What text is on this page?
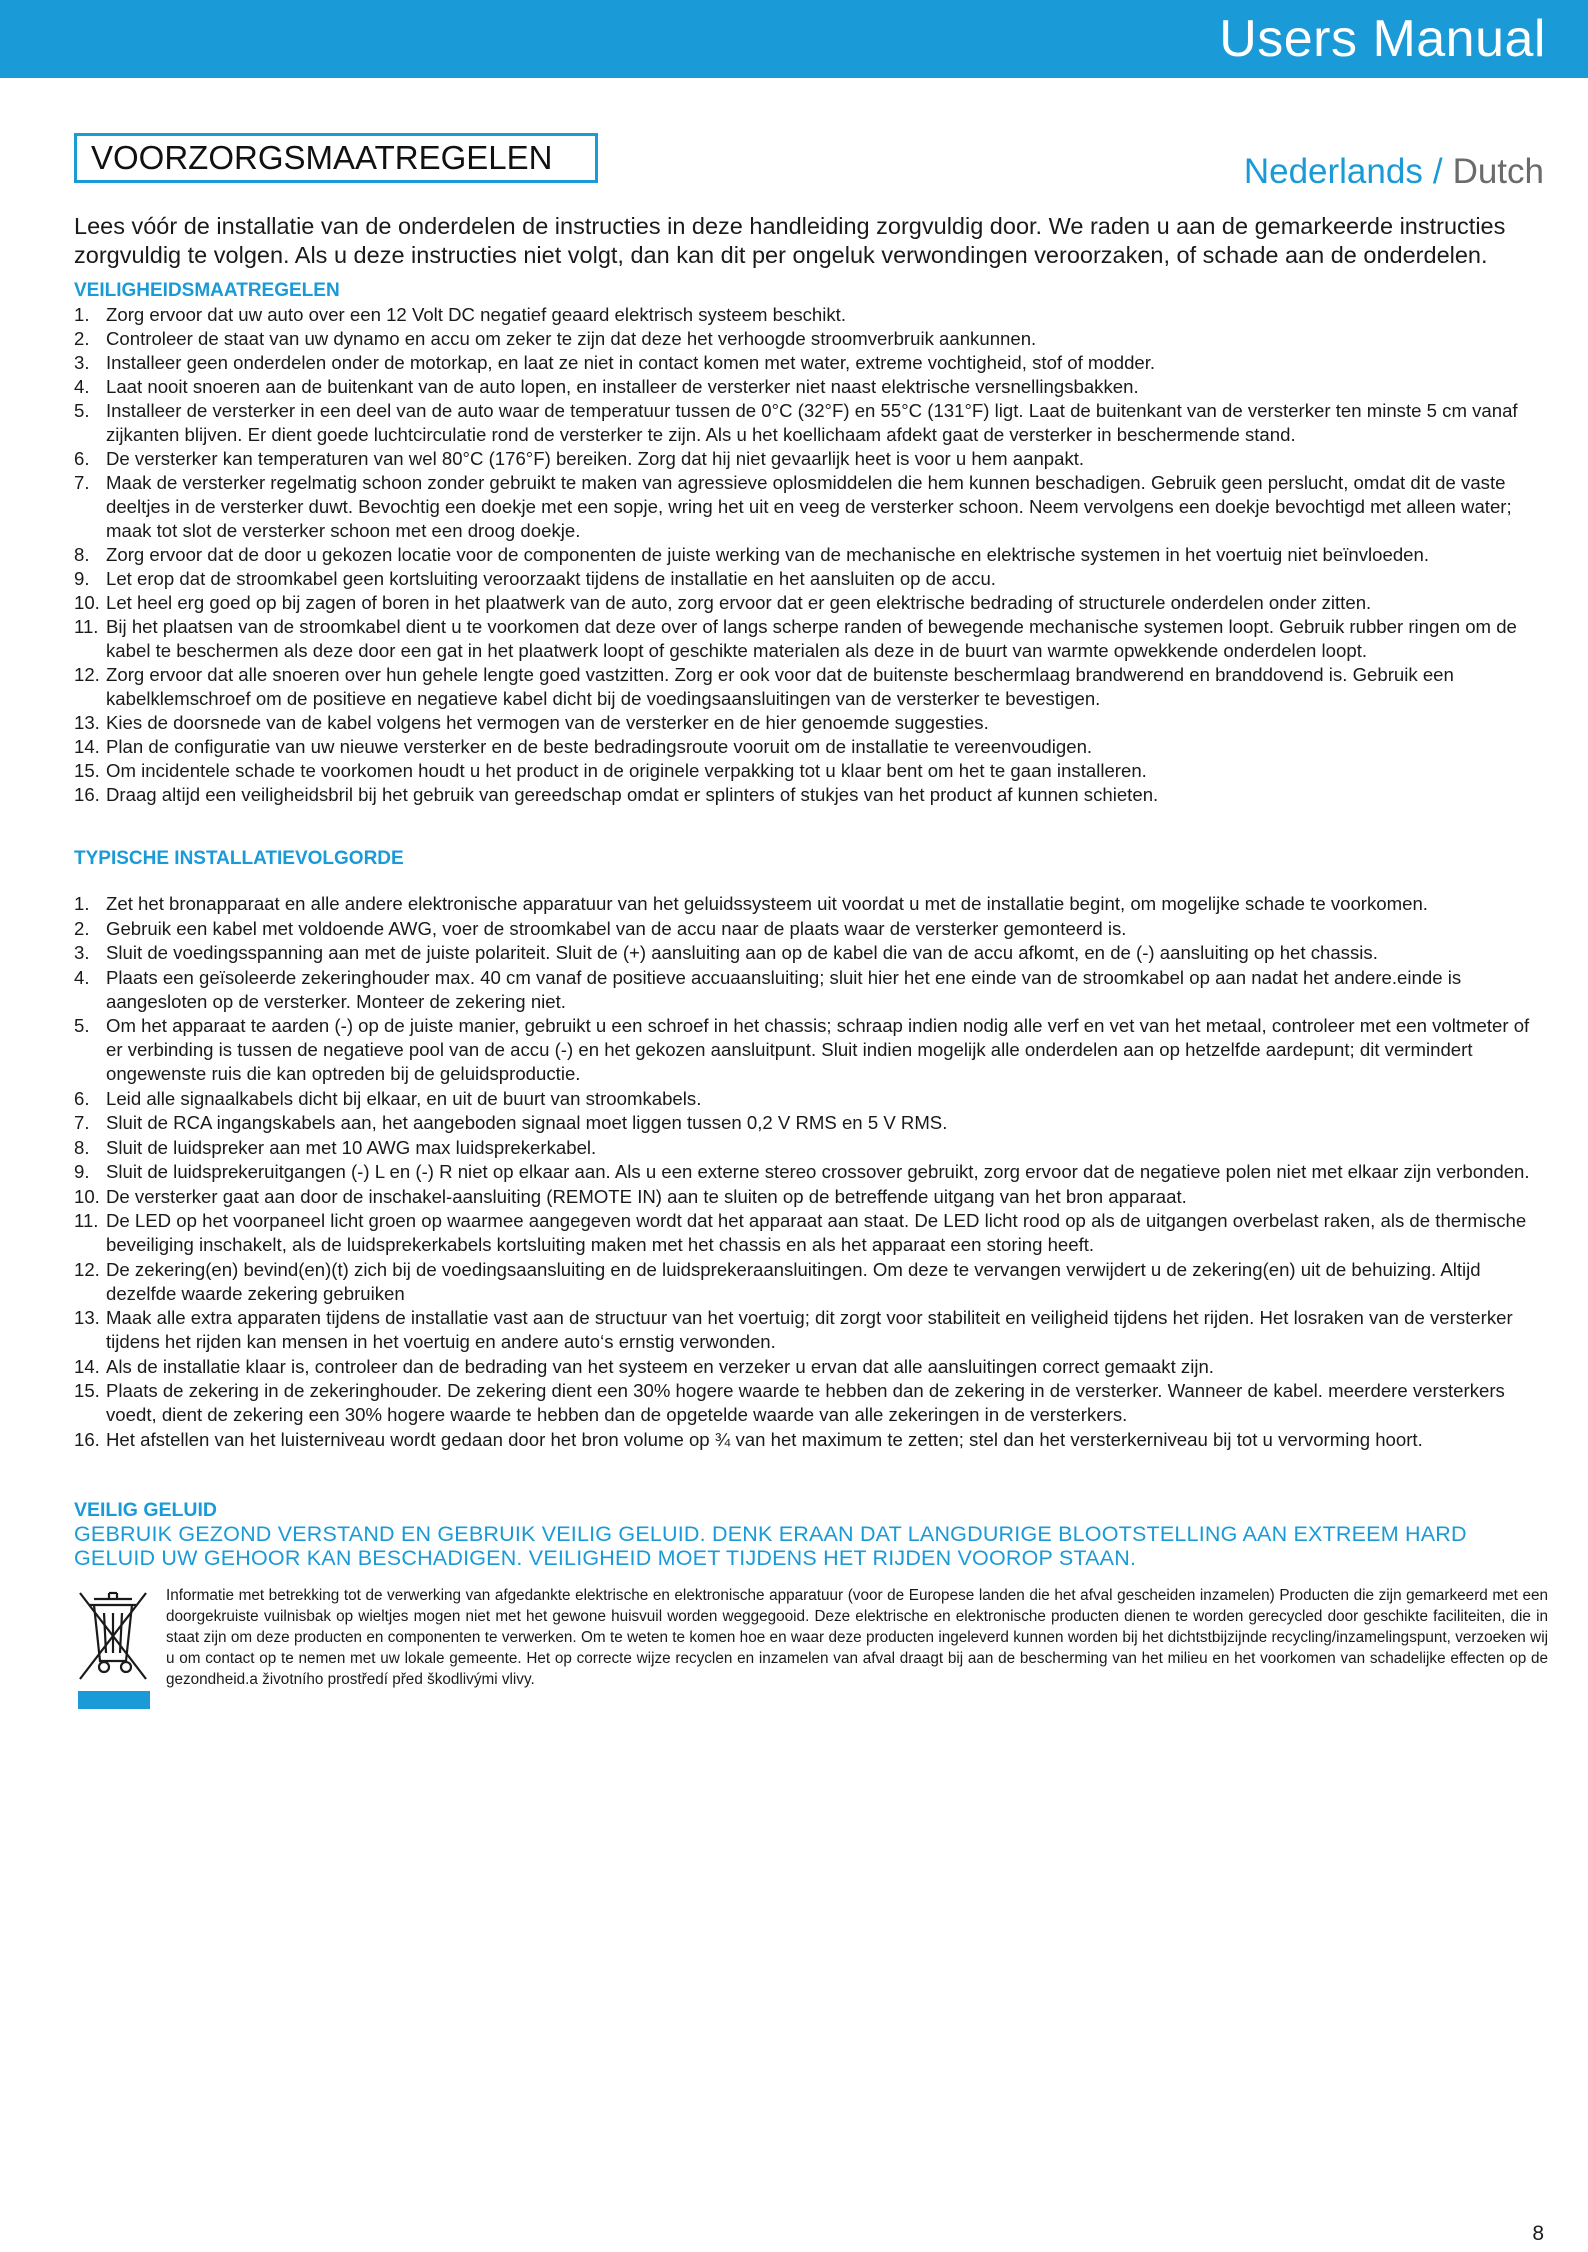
Users Manual
VOORZORGSMAATREGELEN	Nederlands / Dutch

Lees vóór de installatie van de onderdelen de instructies in deze handleiding zorgvuldig door. We raden u aan de gemarkeerde instructies zorgvuldig te volgen. Als u deze instructies niet volgt, dan kan dit per ongeluk verwondingen veroorzaken, of schade aan de onderdelen.

VEILIGHEIDSMAATREGELEN
1. Zorg ervoor dat uw auto over een 12 Volt DC negatief geaard elektrisch systeem beschikt.
2. Controleer de staat van uw dynamo en accu om zeker te zijn dat deze het verhoogde stroomverbruik aankunnen.
3. Installeer geen onderdelen onder de motorkap, en laat ze niet in contact komen met water, extreme vochtigheid, stof of modder.
4. Laat nooit snoeren aan de buitenkant van de auto lopen, en installeer de versterker niet naast elektrische versnellingsbakken.
5. Installeer de versterker in een deel van de auto waar de temperatuur tussen de 0°C (32°F) en 55°C (131°F) ligt. Laat de buitenkant van de versterker ten minste 5 cm vanaf zijkanten blijven. Er dient goede luchtcirculatie rond de versterker te zijn. Als u het koellichaam afdekt gaat de versterker in beschermende stand.
6. De versterker kan temperaturen van wel 80°C (176°F) bereiken. Zorg dat hij niet gevaarlijk heet is voor u hem aanpakt.
7. Maak de versterker regelmatig schoon zonder gebruikt te maken van agressieve oplosmiddelen die hem kunnen beschadigen. Gebruik geen perslucht, omdat dit de vaste deeltjes in de versterker duwt. Bevochtig een doekje met een sopje, wring het uit en veeg de versterker schoon. Neem vervolgens een doekje bevochtigd met alleen water; maak tot slot de versterker schoon met een droog doekje.
8. Zorg ervoor dat de door u gekozen locatie voor de componenten de juiste werking van de mechanische en elektrische systemen in het voertuig niet beïnvloeden.
9. Let erop dat de stroomkabel geen kortsluiting veroorzaakt tijdens de installatie en het aansluiten op de accu.
10. Let heel erg goed op bij zagen of boren in het plaatwerk van de auto, zorg ervoor dat er geen elektrische bedrading of structurele onderdelen onder zitten.
11. Bij het plaatsen van de stroomkabel dient u te voorkomen dat deze over of langs scherpe randen of bewegende mechanische systemen loopt. Gebruik rubber ringen om de kabel te beschermen als deze door een gat in het plaatwerk loopt of geschikte materialen als deze in de buurt van warmte opwekkende onderdelen loopt.
12. Zorg ervoor dat alle snoeren over hun gehele lengte goed vastzitten. Zorg er ook voor dat de buitenste beschermlaag brandwerend en branddovend is. Gebruik een kabelklemschroef om de positieve en negatieve kabel dicht bij de voedingsaansluitingen van de versterker te bevestigen.
13. Kies de doorsnede van de kabel volgens het vermogen van de versterker en de hier genoemde suggesties.
14. Plan de configuratie van uw nieuwe versterker en de beste bedradingsroute vooruit om de installatie te vereenvoudigen.
15. Om incidentele schade te voorkomen houdt u het product in de originele verpakking tot u klaar bent om het te gaan installeren.
16. Draag altijd een veiligheidsbril bij het gebruik van gereedschap omdat er splinters of stukjes van het product af kunnen schieten.
TYPISCHE INSTALLATIEVOLGORDE
1. Zet het bronapparaat en alle andere elektronische apparatuur van het geluidssysteem uit voordat u met de installatie begint, om mogelijke schade te voorkomen.
2. Gebruik een kabel met voldoende AWG, voer de stroomkabel van de accu naar de plaats waar de versterker gemonteerd is.
3. Sluit de voedingsspanning aan met de juiste polariteit. Sluit de (+) aansluiting aan op de kabel die van de accu afkomt, en de (-) aansluiting op het chassis.
4. Plaats een geïsoleerde zekeringhouder max. 40 cm vanaf de positieve accuaansluiting; sluit hier het ene einde van de stroomkabel op aan nadat het andere.einde is aangesloten op de versterker. Monteer de zekering niet.
5. Om het apparaat te aarden (-) op de juiste manier, gebruikt u een schroef in het chassis; schraap indien nodig alle verf en vet van het metaal, controleer met een voltmeter of er verbinding is tussen de negatieve pool van de accu (-) en het gekozen aansluitpunt. Sluit indien mogelijk alle onderdelen aan op hetzelfde aardepunt; dit vermindert ongewenste ruis die kan optreden bij de geluidsproductie.
6. Leid alle signaalkabels dicht bij elkaar, en uit de buurt van stroomkabels.
7. Sluit de RCA ingangskabels aan, het aangeboden signaal moet liggen tussen 0,2 V RMS en 5 V RMS.
8. Sluit de luidspreker aan met 10 AWG max luidsprekerkabel.
9. Sluit de luidsprekeruitgangen (-) L en (-) R niet op elkaar aan. Als u een externe stereo crossover gebruikt, zorg ervoor dat de negatieve polen niet met elkaar zijn verbonden.
10. De versterker gaat aan door de inschakel-aansluiting (REMOTE IN) aan te sluiten op de betreffende uitgang van het bron apparaat.
11. De LED op het voorpaneel licht groen op waarmee aangegeven wordt dat het apparaat aan staat. De LED licht rood op als de uitgangen overbelast raken, als de thermische beveiliging inschakelt, als de luidsprekerkabels kortsluiting maken met het chassis en als het apparaat een storing heeft.
12. De zekering(en) bevind(en)(t) zich bij de voedingsaansluiting en de luidsprekeraansluitingen. Om deze te vervangen verwijdert u de zekering(en) uit de behuizing. Altijd dezelfde waarde zekering gebruiken
13. Maak alle extra apparaten tijdens de installatie vast aan de structuur van het voertuig; dit zorgt voor stabiliteit en veiligheid tijdens het rijden. Het losraken van de versterker tijdens het rijden kan mensen in het voertuig en andere auto‘s ernstig verwonden.
14. Als de installatie klaar is, controleer dan de bedrading van het systeem en verzeker u ervan dat alle aansluitingen correct gemaakt zijn.
15. Plaats de zekering in de zekeringhouder. De zekering dient een 30% hogere waarde te hebben dan de zekering in de versterker. Wanneer de kabel. meerdere versterkers voedt, dient de zekering een 30% hogere waarde te hebben dan de opgetelde waarde van alle zekeringen in de versterkers.
16. Het afstellen van het luisterniveau wordt gedaan door het bron volume op ¾ van het maximum te zetten; stel dan het versterkerniveau bij tot u vervorming hoort.
VEILIG GELUID

GEBRUIK GEZOND VERSTAND EN GEBRUIK VEILIG GELUID. DENK ERAAN DAT LANGDURIGE BLOOTSTELLING AAN EXTREEM HARD GELUID UW GEHOOR KAN BESCHADIGEN. VEILIGHEID MOET TIJDENS HET RIJDEN VOOROP STAAN.

Informatie met betrekking tot de verwerking van afgedankte elektrische en elektronische apparatuur (voor de Europese landen die het afval gescheiden inzamelen) Producten die zijn gemarkeerd met een doorgekruiste vuilnisbak op wieltjes mogen niet met het gewone huisvuil worden weggegooid. Deze elektrische en elektronische producten dienen te worden gerecycled door geschikte faciliteiten, die in staat zijn om deze producten en componenten te verwerken. Om te weten te komen hoe en waar deze producten ingeleverd kunnen worden bij het dichtstbijzijnde recycling/inzamelingspunt, verzoeken wij u om contact op te nemen met uw lokale gemeente. Het op correcte wijze recyclen en inzamelen van afval draagt bij aan de bescherming van het milieu en het voorkomen van schadelijke effecten op de gezondheid.a životního prostředí před škodlivými vlivy.

8
